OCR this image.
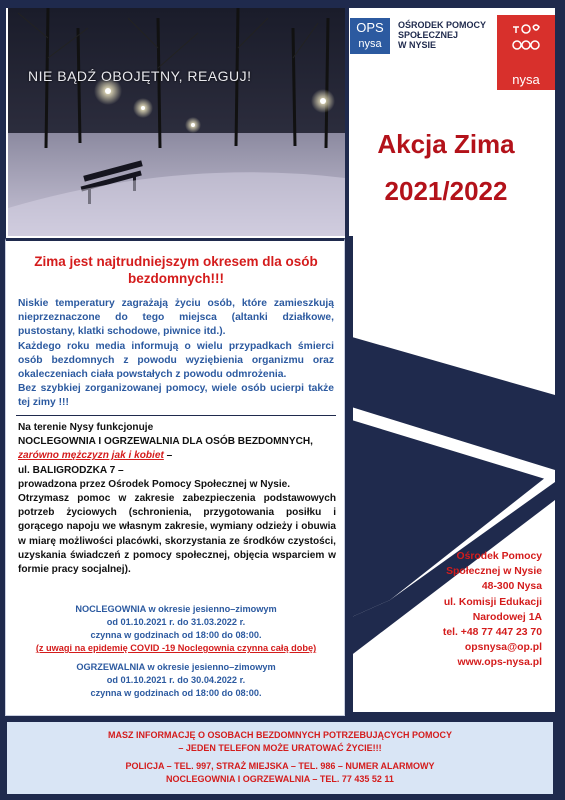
NIE BĄDŹ OBOJĘTNY, REAGUJ!
OPS
nysa
OŚRODEK POMOCY
SPOŁECZNEJ
W NYSIE
nysa
Akcja Zima
2021/2022
Zima jest najtrudniejszym okresem dla osób bezdomnych!!!

Niskie temperatury zagrażają życiu osób, które zamieszkują nieprzeznaczone do tego miejsca (altanki działkowe, pustostany, klatki schodowe, piwnice itd.).

Każdego roku media informują o wielu przypadkach śmierci osób bezdomnych z powodu wyziębienia organizmu oraz okaleczeniach ciała powstałych z powodu odmrożenia.

Bez szybkiej zorganizowanej pomocy, wiele osób ucierpi także tej zimy !!!

Na terenie Nysy funkcjonuje

NOCLEGOWNIA I OGRZEWALNIA DLA OSÓB BEZDOMNYCH,

zarówno mężczyzn jak i kobiet –

ul. BALIGRODZKA 7 –

prowadzona przez Ośrodek Pomocy Społecznej w Nysie.

Otrzymasz pomoc w zakresie zabezpieczenia podstawowych potrzeb życiowych (schronienia, przygotowania posiłku i gorącego napoju we własnym zakresie, wymiany odzieży i obuwia w miarę możliwości placówki, skorzystania ze środków czystości, uzyskania świadczeń z pomocy społecznej, objęcia wsparciem w formie pracy socjalnej).

NOCLEGOWNIA w okresie jesienno–zimowym
od 01.10.2021 r. do 31.03.2022 r.
czynna w godzinach od 18:00 do 08:00.
(z uwagi na epidemię COVID -19 Noclegownia czynna całą dobę)
OGRZEWALNIA w okresie jesienno–zimowym
od 01.10.2021 r. do 30.04.2022 r.
czynna w godzinach od 18:00 do 08:00.
Ośrodek Pomocy
Społecznej w Nysie
48-300 Nysa
ul. Komisji Edukacji
Narodowej 1A
tel. +48 77 447 23 70
opsnysa@op.pl
www.ops-nysa.pl
MASZ INFORMACJĘ O OSOBACH BEZDOMNYCH POTRZEBUJĄCYCH POMOCY
– JEDEN TELEFON MOŻE URATOWAĆ ŻYCIE!!!
POLICJA – TEL. 997, STRAŻ MIEJSKA – TEL. 986 – NUMER ALARMOWY
NOCLEGOWNIA I OGRZEWALNIA – TEL. 77 435 52 11
